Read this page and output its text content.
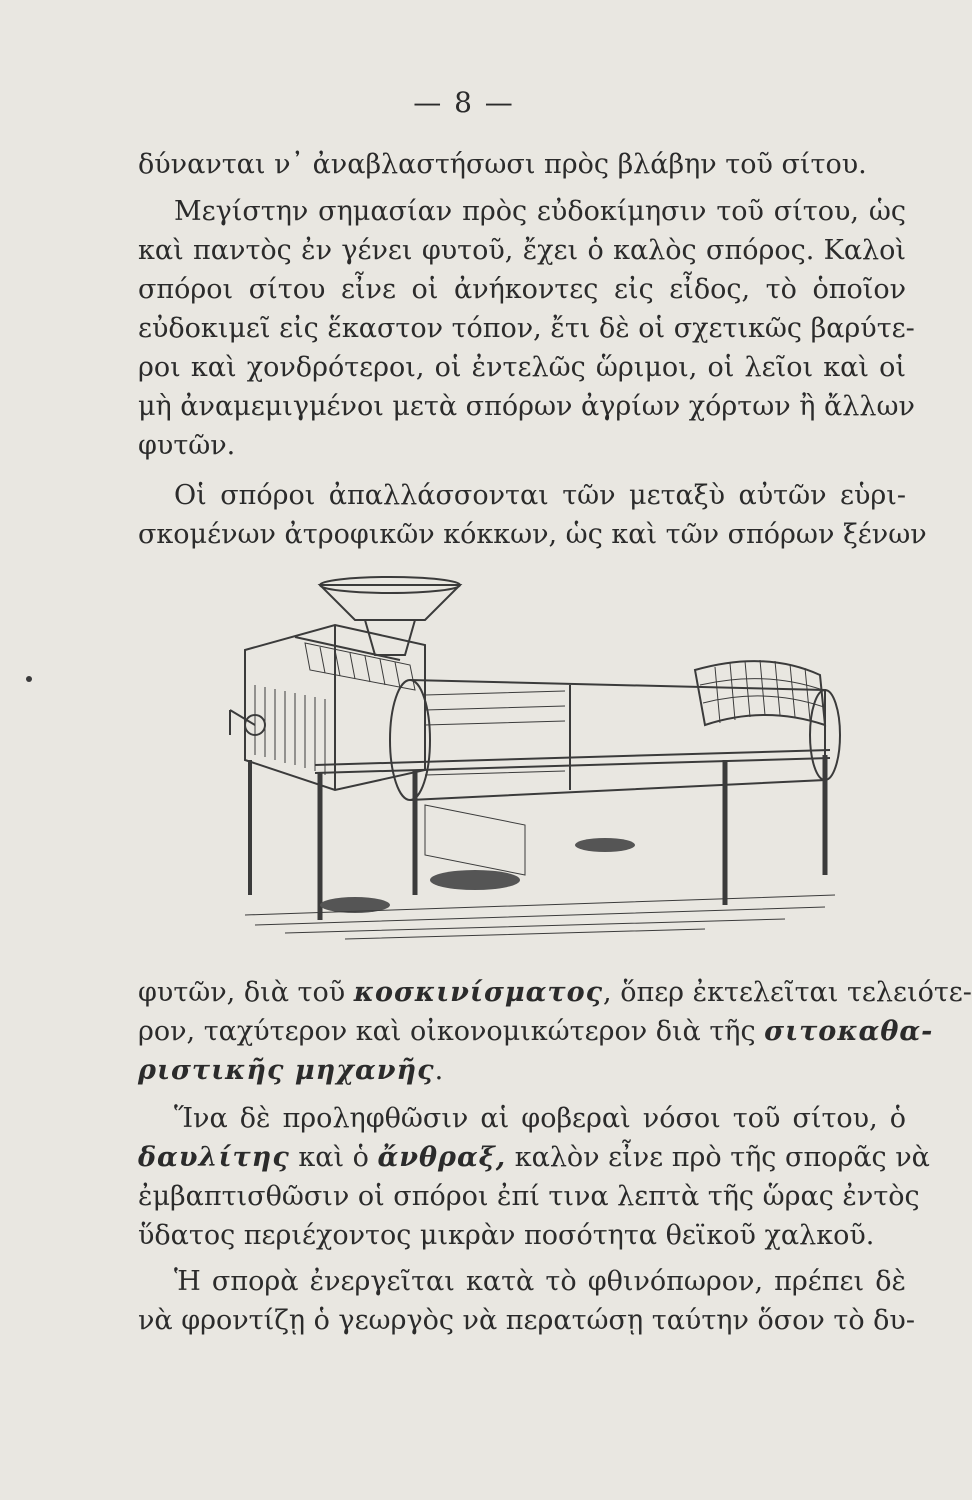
— 8 —
δύνανται ν᾽ ἀναβλαστήσωσι πρὸς βλάβην τοῦ σίτου.
Μεγίστην σημασίαν πρὸς εὐδοκίμησιν τοῦ σίτου, ὡς
καὶ παντὸς ἐν γένει φυτοῦ, ἔχει ὁ καλὸς σπόρος. Καλοὶ
σπόροι σίτου εἶνε οἱ ἀνήκοντες εἰς εἶδος, τὸ ὁποῖον
εὐδοκιμεῖ εἰς ἕκαστον τόπον, ἔτι δὲ οἱ σχετικῶς βαρύτε-
ροι καὶ χονδρότεροι, οἱ ἐντελῶς ὥριμοι, οἱ λεῖοι καὶ οἱ
μὴ ἀναμεμιγμένοι μετὰ σπόρων ἀγρίων χόρτων ἢ ἄλλων
φυτῶν.
Οἱ σπόροι ἀπαλλάσσονται τῶν μεταξὺ αὐτῶν εὑρι-
σκομένων ἀτροφικῶν κόκκων, ὡς καὶ τῶν σπόρων ξένων
φυτῶν, διὰ τοῦ κοσκινίσματος, ὅπερ ἐκτελεῖται τελειότε-
ρον, ταχύτερον καὶ οἰκονομικώτερον διὰ τῆς σιτοκαθα-
ριστικῆς μηχανῆς.
Ἵνα δὲ προληφθῶσιν αἱ φοβεραὶ νόσοι τοῦ σίτου, ὁ
δαυλίτης καὶ ὁ ἄνθραξ, καλὸν εἶνε πρὸ τῆς σπορᾶς νὰ
ἐμβαπτισθῶσιν οἱ σπόροι ἐπί τινα λεπτὰ τῆς ὥρας ἐντὸς
ὕδατος περιέχοντος μικρὰν ποσότητα θεϊκοῦ χαλκοῦ.
Ἡ σπορὰ ἐνεργεῖται κατὰ τὸ φθινόπωρον, πρέπει δὲ
νὰ φροντίζῃ ὁ γεωργὸς νὰ περατώσῃ ταύτην ὅσον τὸ δυ-
